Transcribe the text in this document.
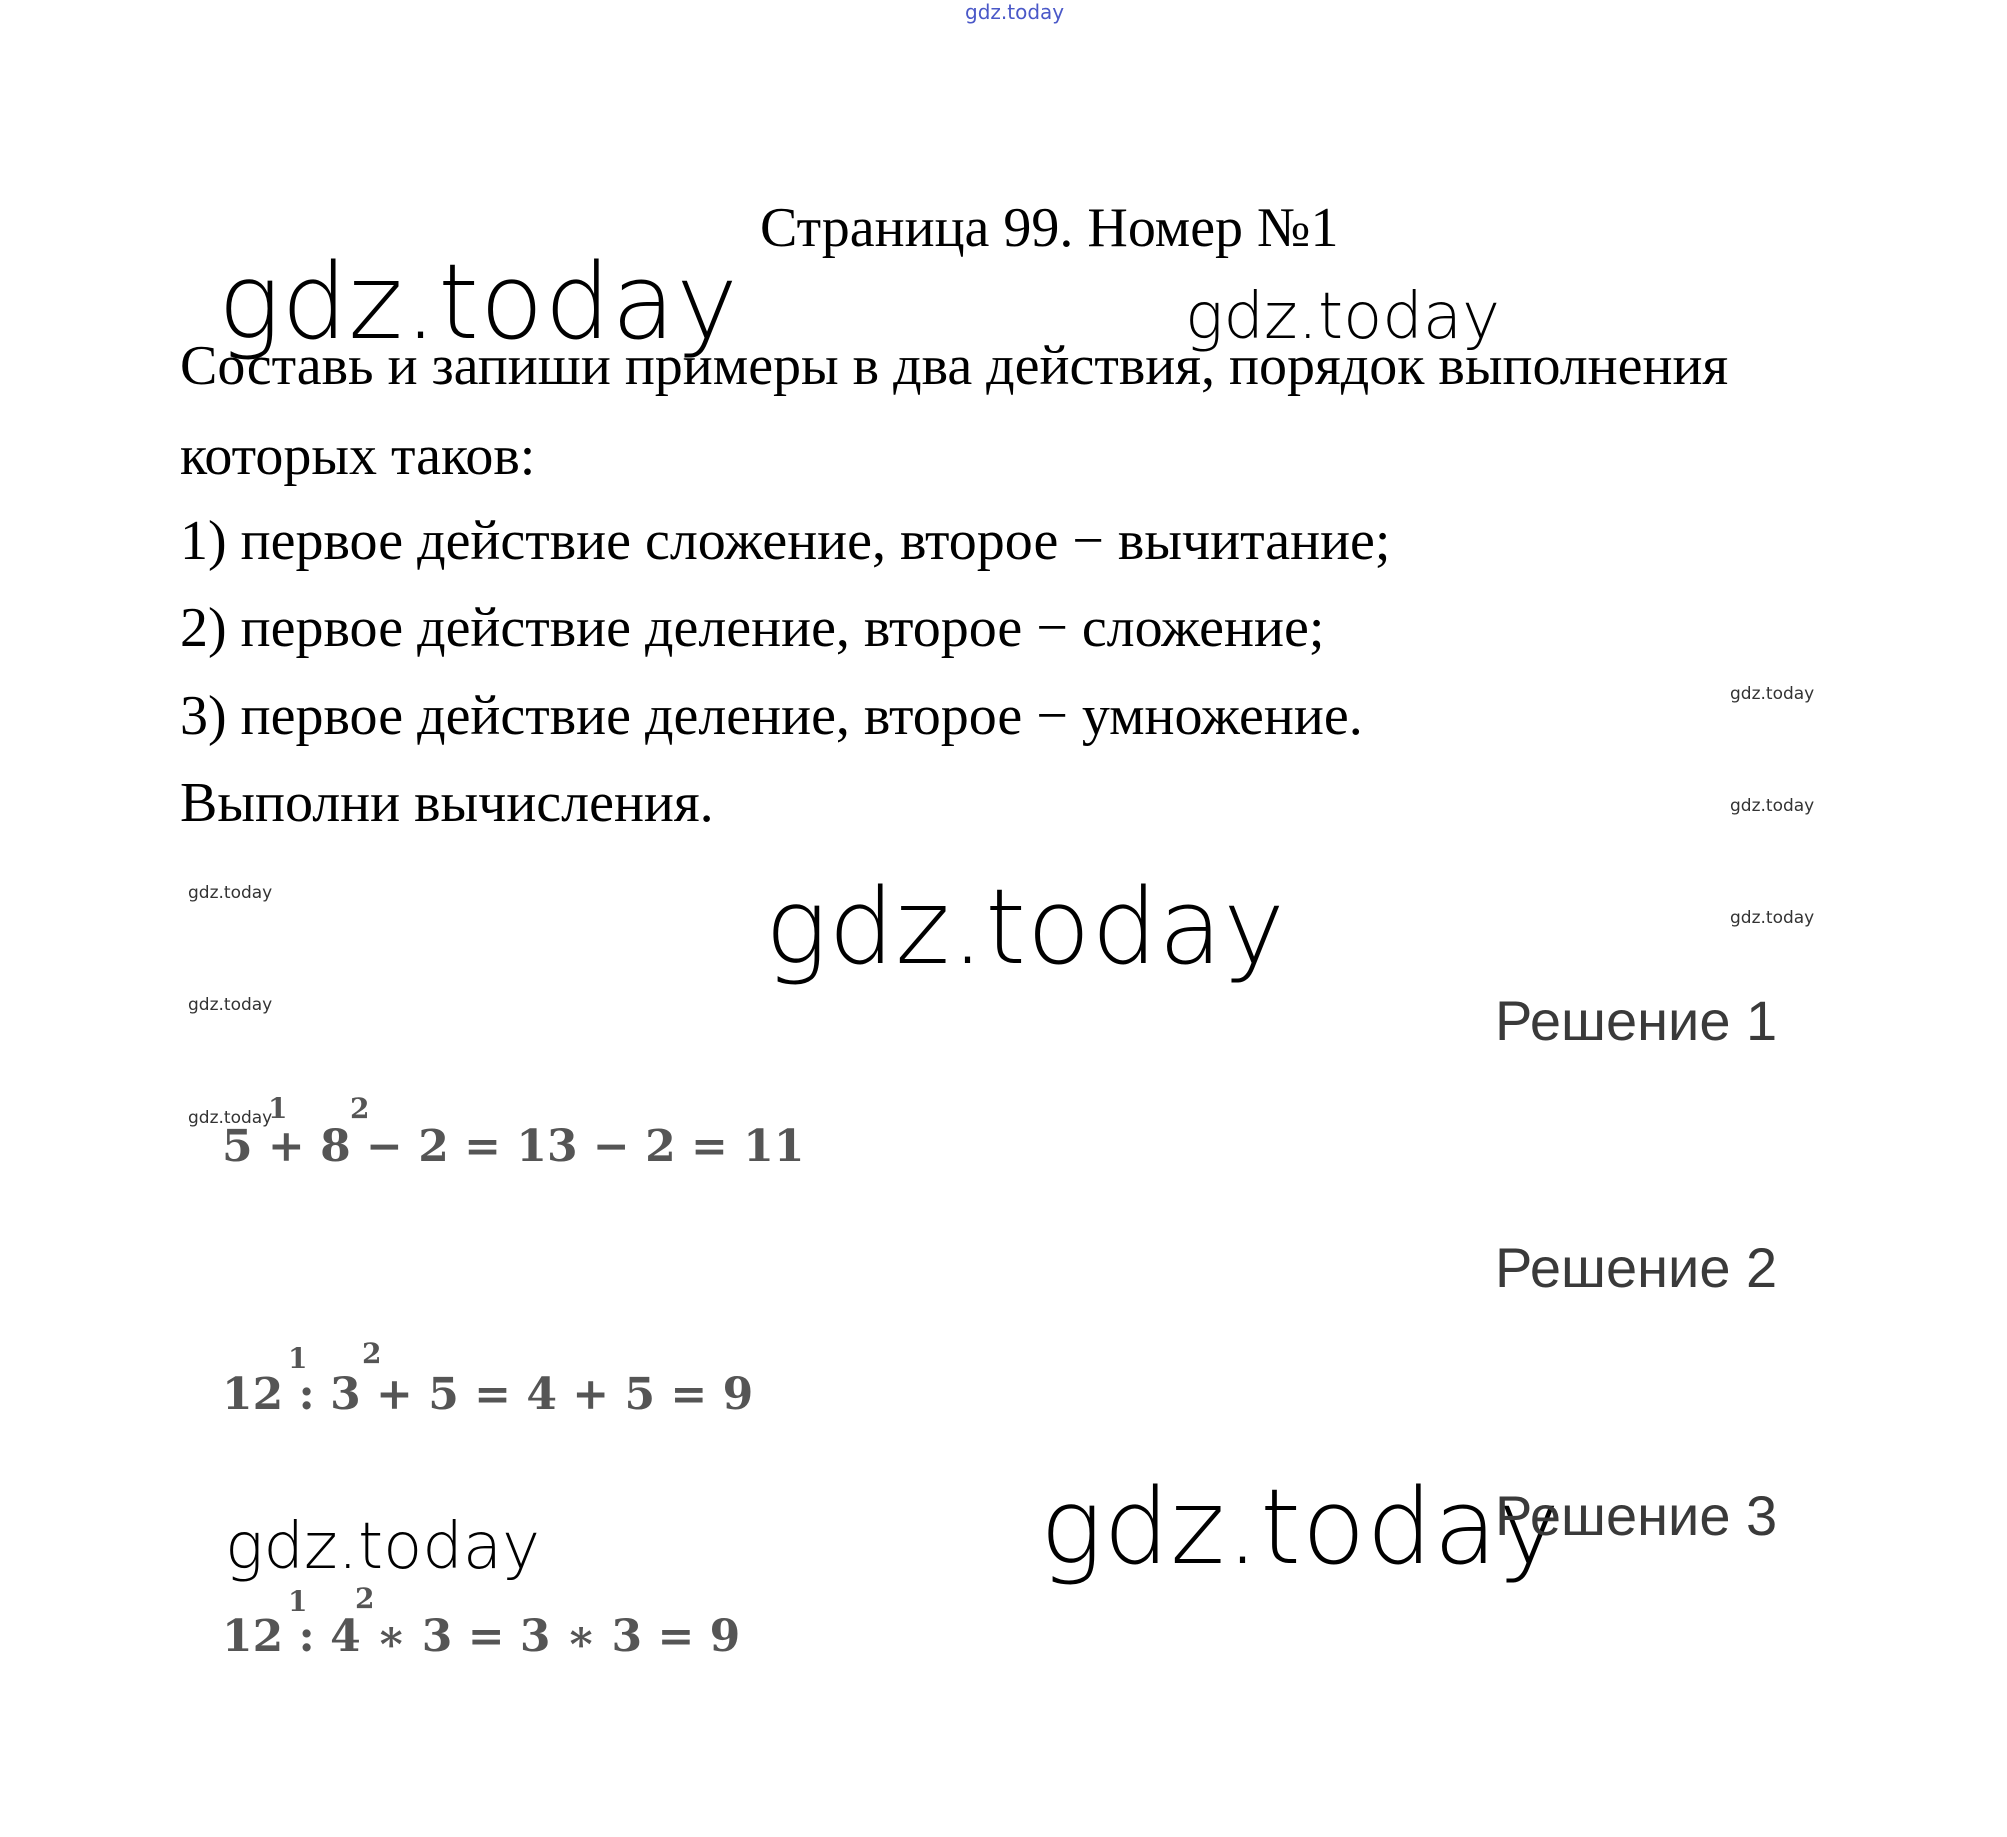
gdz.today
gdz.today	gdz.today
gdz.today
gdz.today	gdz.today
gdz.today
gdz.today
gdz.today
gdz.today
gdz.today
gdz.today
Страница 99. Номер №1
Составь и запиши примеры в два действия, порядок выполнения
которых таков:
1) первое действие сложение, второе − вычитание;
2) первое действие деление, второе − сложение;
3) первое действие деление, второе − умножение.
Выполни вычисления.
Решение 1
1 2
5 + 8 − 2 = 13 − 2 = 11
Решение 2
1 2
12 : 3 + 5 = 4 + 5 = 9
Решение 3
1 2
12 : 4 ∗ 3 = 3 ∗ 3 = 9
